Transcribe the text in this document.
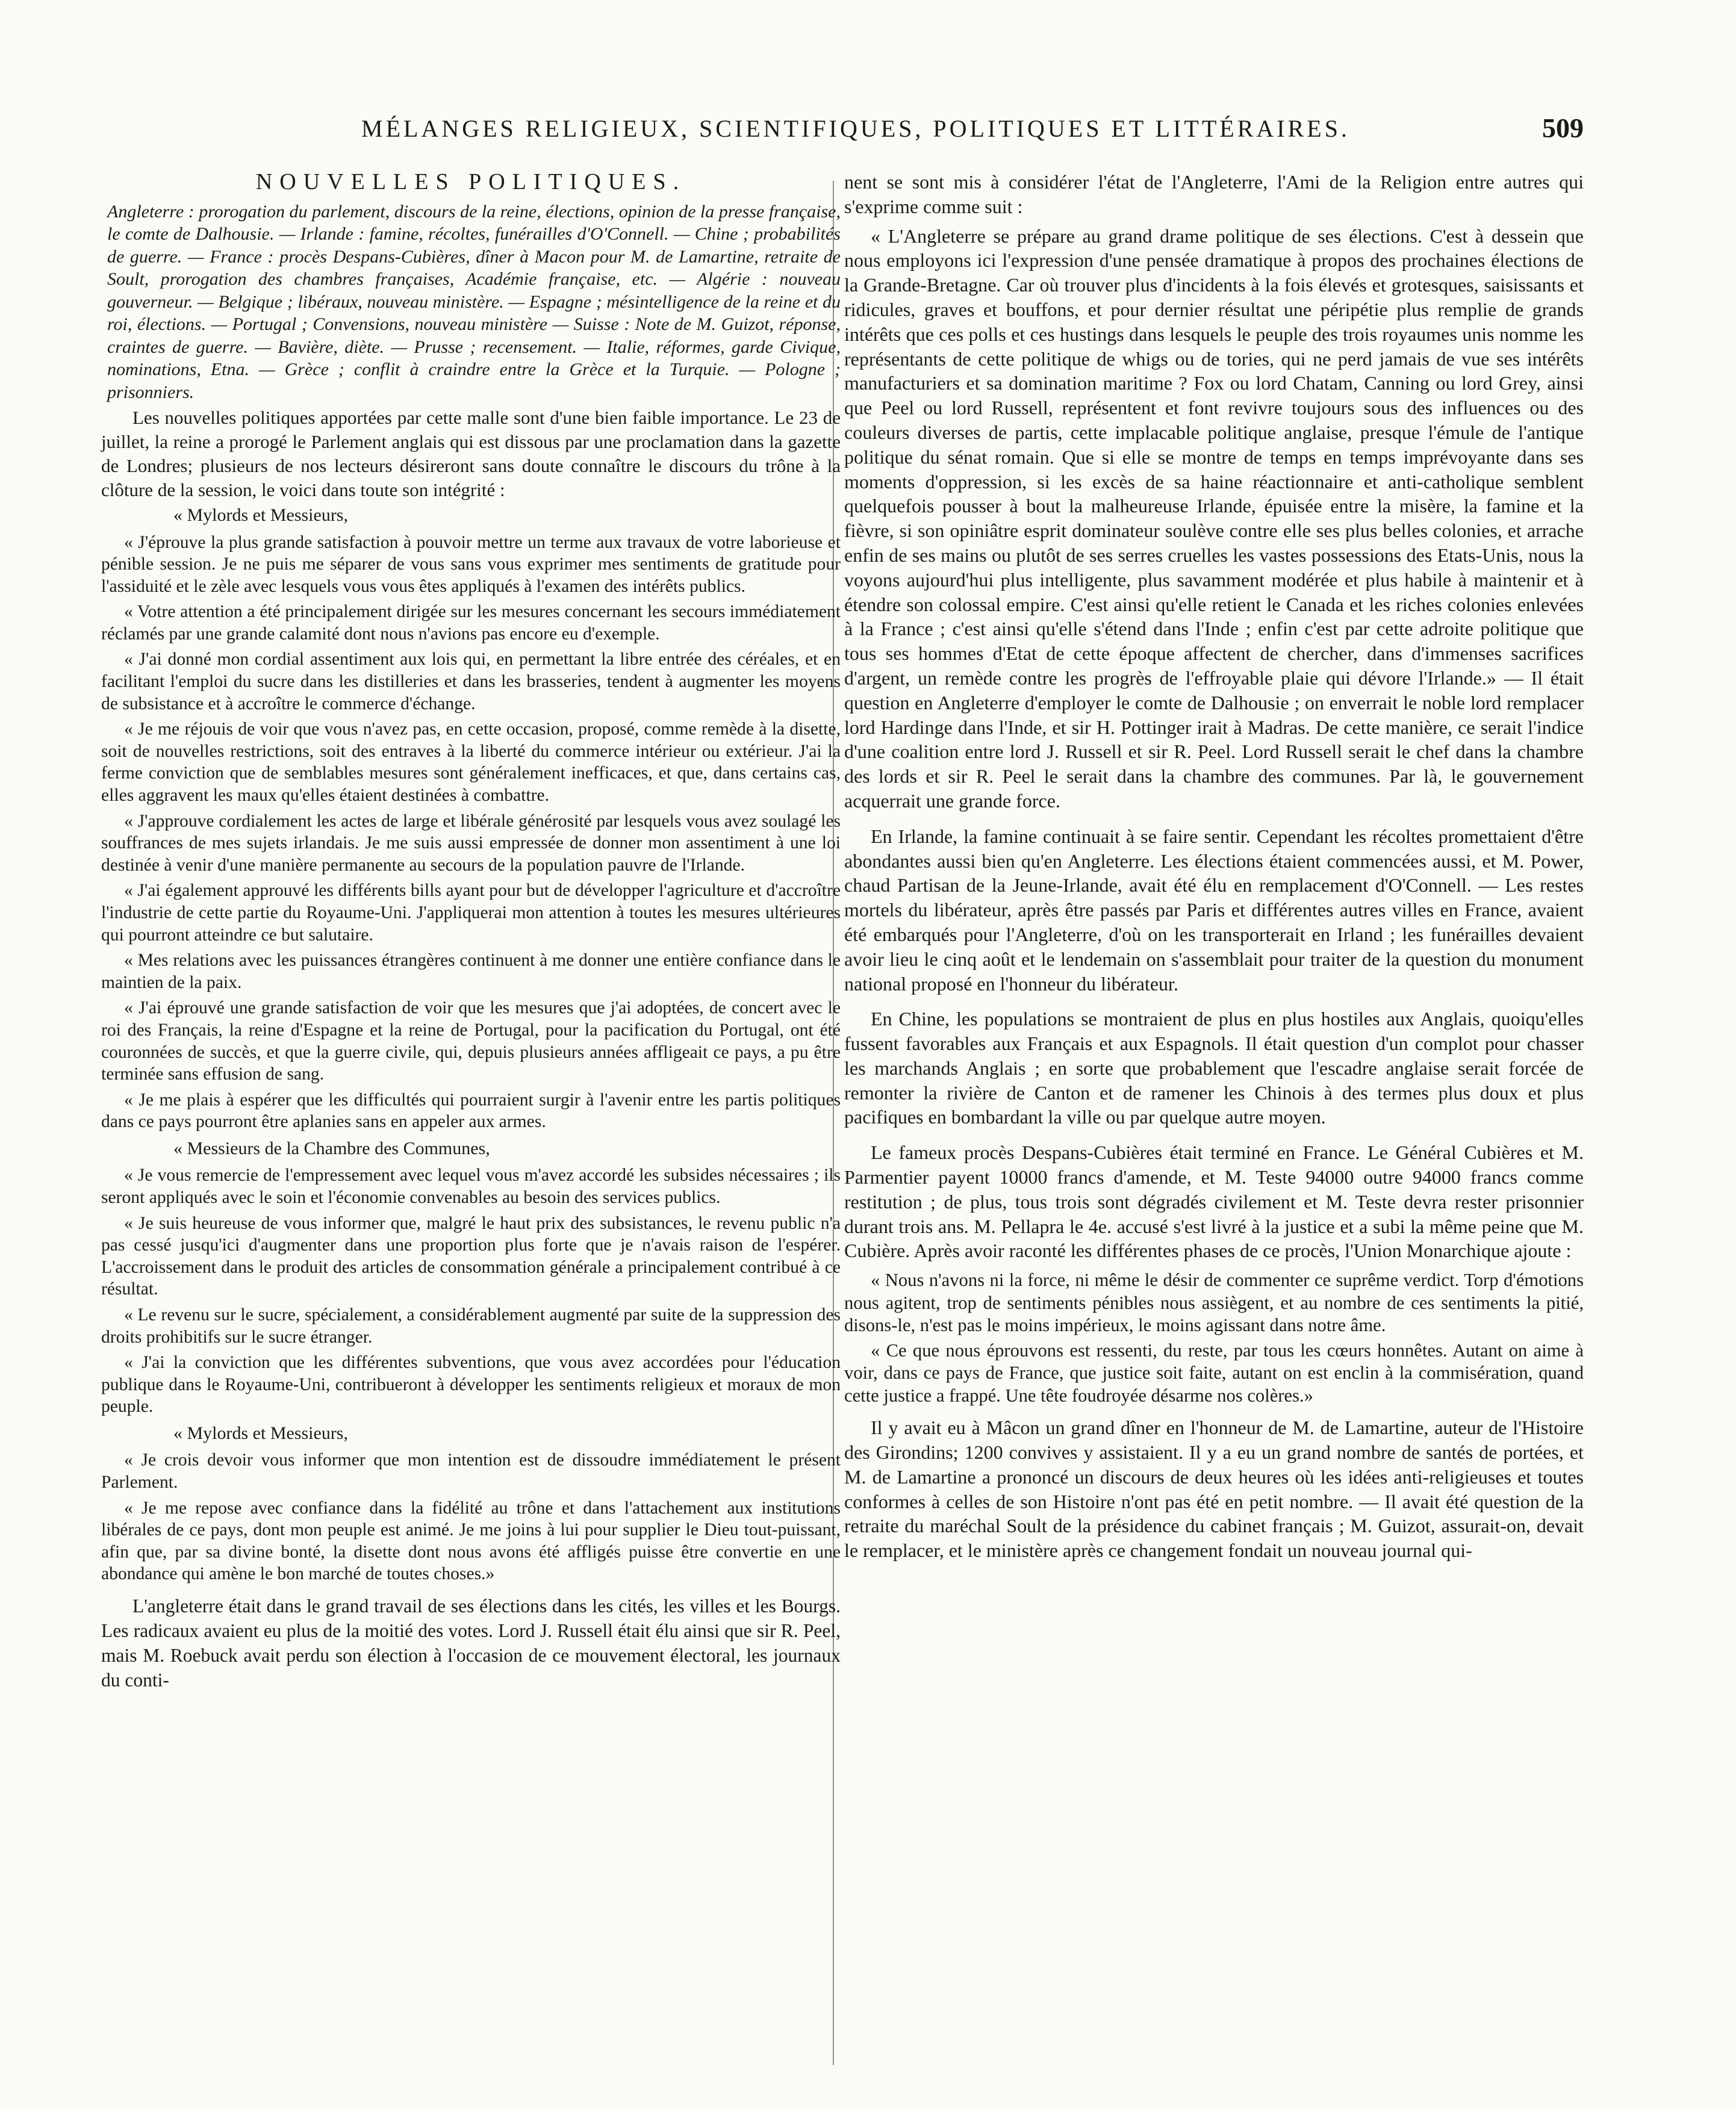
MÉLANGES RELIGIEUX, SCIENTIFIQUES, POLITIQUES ET LITTÉRAIRES.	509
NOUVELLES POLITIQUES.

Angleterre : prorogation du parlement, discours de la reine, élections, opinion de la presse française, le comte de Dalhousie. — Irlande : famine, récoltes, funérailles d'O'Connell. — Chine ; probabilités de guerre. — France : procès Despans-Cubières, dîner à Macon pour M. de Lamartine, retraite de Soult, prorogation des chambres françaises, Académie française, etc. — Algérie : nouveau gouverneur. — Belgique ; libéraux, nouveau ministère. — Espagne ; mésintelligence de la reine et du roi, élections. — Portugal ; Convensions, nouveau ministère — Suisse : Note de M. Guizot, réponse, craintes de guerre. — Bavière, diète. — Prusse ; recensement. — Italie, réformes, garde Civique, nominations, Etna. — Grèce ; conflit à craindre entre la Grèce et la Turquie. — Pologne ; prisonniers.

Les nouvelles politiques apportées par cette malle sont d'une bien faible importance. Le 23 de juillet, la reine a prorogé le Parlement anglais qui est dissous par une proclamation dans la gazette de Londres; plusieurs de nos lecteurs désireront sans doute connaître le discours du trône à la clôture de la session, le voici dans toute son intégrité :

« Mylords et Messieurs,

« J'éprouve la plus grande satisfaction à pouvoir mettre un terme aux travaux de votre laborieuse et pénible session. Je ne puis me séparer de vous sans vous exprimer mes sentiments de gratitude pour l'assiduité et le zèle avec lesquels vous vous êtes appliqués à l'examen des intérêts publics.

« Votre attention a été principalement dirigée sur les mesures concernant les secours immédiatement réclamés par une grande calamité dont nous n'avions pas encore eu d'exemple.

« J'ai donné mon cordial assentiment aux lois qui, en permettant la libre entrée des céréales, et en facilitant l'emploi du sucre dans les distilleries et dans les brasseries, tendent à augmenter les moyens de subsistance et à accroître le commerce d'échange.

« Je me réjouis de voir que vous n'avez pas, en cette occasion, proposé, comme remède à la disette, soit de nouvelles restrictions, soit des entraves à la liberté du commerce intérieur ou extérieur. J'ai la ferme conviction que de semblables mesures sont généralement inefficaces, et que, dans certains cas, elles aggravent les maux qu'elles étaient destinées à combattre.

« J'approuve cordialement les actes de large et libérale générosité par lesquels vous avez soulagé les souffrances de mes sujets irlandais. Je me suis aussi empressée de donner mon assentiment à une loi destinée à venir d'une manière permanente au secours de la population pauvre de l'Irlande.

« J'ai également approuvé les différents bills ayant pour but de développer l'agriculture et d'accroître l'industrie de cette partie du Royaume-Uni. J'appliquerai mon attention à toutes les mesures ultérieures qui pourront atteindre ce but salutaire.

« Mes relations avec les puissances étrangères continuent à me donner une entière confiance dans le maintien de la paix.

« J'ai éprouvé une grande satisfaction de voir que les mesures que j'ai adoptées, de concert avec le roi des Français, la reine d'Espagne et la reine de Portugal, pour la pacification du Portugal, ont été couronnées de succès, et que la guerre civile, qui, depuis plusieurs années affligeait ce pays, a pu être terminée sans effusion de sang.

« Je me plais à espérer que les difficultés qui pourraient surgir à l'avenir entre les partis politiques dans ce pays pourront être aplanies sans en appeler aux armes.

« Messieurs de la Chambre des Communes,

« Je vous remercie de l'empressement avec lequel vous m'avez accordé les subsides nécessaires ; ils seront appliqués avec le soin et l'économie convenables au besoin des services publics.

« Je suis heureuse de vous informer que, malgré le haut prix des subsistances, le revenu public n'a pas cessé jusqu'ici d'augmenter dans une proportion plus forte que je n'avais raison de l'espérer. L'accroissement dans le produit des articles de consommation générale a principalement contribué à ce résultat.

« Le revenu sur le sucre, spécialement, a considérablement augmenté par suite de la suppression des droits prohibitifs sur le sucre étranger.

« J'ai la conviction que les différentes subventions, que vous avez accordées pour l'éducation publique dans le Royaume-Uni, contribueront à développer les sentiments religieux et moraux de mon peuple.

« Mylords et Messieurs,

« Je crois devoir vous informer que mon intention est de dissoudre immédiatement le présent Parlement.

« Je me repose avec confiance dans la fidélité au trône et dans l'attachement aux institutions libérales de ce pays, dont mon peuple est animé. Je me joins à lui pour supplier le Dieu tout-puissant, afin que, par sa divine bonté, la disette dont nous avons été affligés puisse être convertie en une abondance qui amène le bon marché de toutes choses.»

L'angleterre était dans le grand travail de ses élections dans les cités, les villes et les Bourgs. Les radicaux avaient eu plus de la moitié des votes. Lord J. Russell était élu ainsi que sir R. Peel, mais M. Roebuck avait perdu son élection à l'occasion de ce mouvement électoral, les journaux du conti-

nent se sont mis à considérer l'état de l'Angleterre, l'Ami de la Religion entre autres qui s'exprime comme suit :

« L'Angleterre se prépare au grand drame politique de ses élections. C'est à dessein que nous employons ici l'expression d'une pensée dramatique à propos des prochaines élections de la Grande-Bretagne. Car où trouver plus d'incidents à la fois élevés et grotesques, saisissants et ridicules, graves et bouffons, et pour dernier résultat une péripétie plus remplie de grands intérêts que ces polls et ces hustings dans lesquels le peuple des trois royaumes unis nomme les représentants de cette politique de whigs ou de tories, qui ne perd jamais de vue ses intérêts manufacturiers et sa domination maritime ? Fox ou lord Chatam, Canning ou lord Grey, ainsi que Peel ou lord Russell, représentent et font revivre toujours sous des influences ou des couleurs diverses de partis, cette implacable politique anglaise, presque l'émule de l'antique politique du sénat romain. Que si elle se montre de temps en temps imprévoyante dans ses moments d'oppression, si les excès de sa haine réactionnaire et anti-catholique semblent quelquefois pousser à bout la malheureuse Irlande, épuisée entre la misère, la famine et la fièvre, si son opiniâtre esprit dominateur soulève contre elle ses plus belles colonies, et arrache enfin de ses mains ou plutôt de ses serres cruelles les vastes possessions des Etats-Unis, nous la voyons aujourd'hui plus intelligente, plus savamment modérée et plus habile à maintenir et à étendre son colossal empire. C'est ainsi qu'elle retient le Canada et les riches colonies enlevées à la France ; c'est ainsi qu'elle s'étend dans l'Inde ; enfin c'est par cette adroite politique que tous ses hommes d'Etat de cette époque affectent de chercher, dans d'immenses sacrifices d'argent, un remède contre les progrès de l'effroyable plaie qui dévore l'Irlande.» — Il était question en Angleterre d'employer le comte de Dalhousie ; on enverrait le noble lord remplacer lord Hardinge dans l'Inde, et sir H. Pottinger irait à Madras. De cette manière, ce serait l'indice d'une coalition entre lord J. Russell et sir R. Peel. Lord Russell serait le chef dans la chambre des lords et sir R. Peel le serait dans la chambre des communes. Par là, le gouvernement acquerrait une grande force.

En Irlande, la famine continuait à se faire sentir. Cependant les récoltes promettaient d'être abondantes aussi bien qu'en Angleterre. Les élections étaient commencées aussi, et M. Power, chaud Partisan de la Jeune-Irlande, avait été élu en remplacement d'O'Connell. — Les restes mortels du libérateur, après être passés par Paris et différentes autres villes en France, avaient été embarqués pour l'Angleterre, d'où on les transporterait en Irland ; les funérailles devaient avoir lieu le cinq août et le lendemain on s'assemblait pour traiter de la question du monument national proposé en l'honneur du libérateur.

En Chine, les populations se montraient de plus en plus hostiles aux Anglais, quoiqu'elles fussent favorables aux Français et aux Espagnols. Il était question d'un complot pour chasser les marchands Anglais ; en sorte que probablement que l'escadre anglaise serait forcée de remonter la rivière de Canton et de ramener les Chinois à des termes plus doux et plus pacifiques en bombardant la ville ou par quelque autre moyen.

Le fameux procès Despans-Cubières était terminé en France. Le Général Cubières et M. Parmentier payent 10000 francs d'amende, et M. Teste 94000 outre 94000 francs comme restitution ; de plus, tous trois sont dégradés civilement et M. Teste devra rester prisonnier durant trois ans. M. Pellapra le 4e. accusé s'est livré à la justice et a subi la même peine que M. Cubière. Après avoir raconté les différentes phases de ce procès, l'Union Monarchique ajoute :

« Nous n'avons ni la force, ni même le désir de commenter ce suprême verdict. Torp d'émotions nous agitent, trop de sentiments pénibles nous assiègent, et au nombre de ces sentiments la pitié, disons-le, n'est pas le moins impérieux, le moins agissant dans notre âme.

« Ce que nous éprouvons est ressenti, du reste, par tous les cœurs honnêtes. Autant on aime à voir, dans ce pays de France, que justice soit faite, autant on est enclin à la commisération, quand cette justice a frappé. Une tête foudroyée désarme nos colères.»

Il y avait eu à Mâcon un grand dîner en l'honneur de M. de Lamartine, auteur de l'Histoire des Girondins; 1200 convives y assistaient. Il y a eu un grand nombre de santés de portées, et M. de Lamartine a prononcé un discours de deux heures où les idées anti-religieuses et toutes conformes à celles de son Histoire n'ont pas été en petit nombre. — Il avait été question de la retraite du maréchal Soult de la présidence du cabinet français ; M. Guizot, assurait-on, devait le remplacer, et le ministère après ce changement fondait un nouveau journal qui-
